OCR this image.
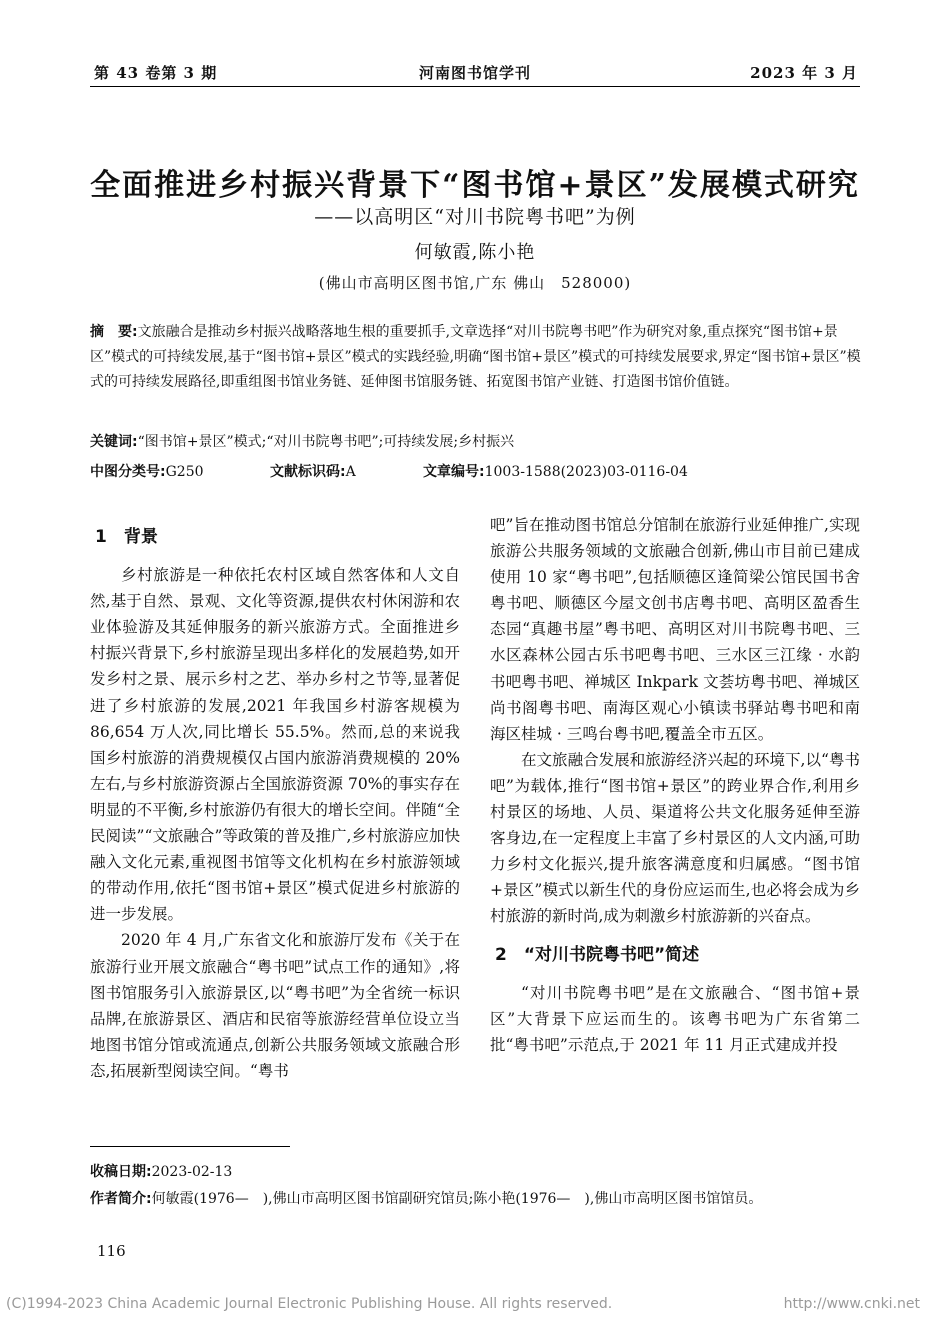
第 43 卷第 3 期	河南图书馆学刊	2023 年 3 月
全面推进乡村振兴背景下“图书馆+景区”发展模式研究
——以高明区“对川书院粤书吧”为例
何敏霞,陈小艳
(佛山市高明区图书馆,广东 佛山　528000)
摘　要:文旅融合是推动乡村振兴战略落地生根的重要抓手,文章选择“对川书院粤书吧”作为研究对象,重点探究“图书馆+景区”模式的可持续发展,基于“图书馆+景区”模式的实践经验,明确“图书馆+景区”模式的可持续发展要求,界定“图书馆+景区”模式的可持续发展路径,即重组图书馆业务链、延伸图书馆服务链、拓宽图书馆产业链、打造图书馆价值链。
关键词:“图书馆+景区”模式;“对川书院粤书吧”;可持续发展;乡村振兴
中图分类号:G250	文献标识码:A	文章编号:1003-1588(2023)03-0116-04
1　背景

乡村旅游是一种依托农村区域自然客体和人文自然,基于自然、景观、文化等资源,提供农村休闲游和农业体验游及其延伸服务的新兴旅游方式。全面推进乡村振兴背景下,乡村旅游呈现出多样化的发展趋势,如开发乡村之景、展示乡村之艺、举办乡村之节等,显著促进了乡村旅游的发展,2021 年我国乡村游客规模为 86,654 万人次,同比增长 55.5%。然而,总的来说我国乡村旅游的消费规模仅占国内旅游消费规模的 20%左右,与乡村旅游资源占全国旅游资源 70%的事实存在明显的不平衡,乡村旅游仍有很大的增长空间。伴随“全民阅读”“文旅融合”等政策的普及推广,乡村旅游应加快融入文化元素,重视图书馆等文化机构在乡村旅游领域的带动作用,依托“图书馆+景区”模式促进乡村旅游的进一步发展。

2020 年 4 月,广东省文化和旅游厅发布《关于在旅游行业开展文旅融合“粤书吧”试点工作的通知》,将图书馆服务引入旅游景区,以“粤书吧”为全省统一标识品牌,在旅游景区、酒店和民宿等旅游经营单位设立当地图书馆分馆或流通点,创新公共服务领域文旅融合形态,拓展新型阅读空间。“粤书

吧”旨在推动图书馆总分馆制在旅游行业延伸推广,实现旅游公共服务领域的文旅融合创新,佛山市目前已建成使用 10 家“粤书吧”,包括顺德区逢简梁公馆民国书舍粤书吧、顺德区今屋文创书店粤书吧、高明区盈香生态园“真趣书屋”粤书吧、高明区对川书院粤书吧、三水区森林公园古乐书吧粤书吧、三水区三江缘 · 水韵书吧粤书吧、禅城区 Inkpark 文荟坊粤书吧、禅城区尚书阁粤书吧、南海区观心小镇读书驿站粤书吧和南海区桂城 · 三鸣台粤书吧,覆盖全市五区。

在文旅融合发展和旅游经济兴起的环境下,以“粤书吧”为载体,推行“图书馆+景区”的跨业界合作,利用乡村景区的场地、人员、渠道将公共文化服务延伸至游客身边,在一定程度上丰富了乡村景区的人文内涵,可助力乡村文化振兴,提升旅客满意度和归属感。“图书馆+景区”模式以新生代的身份应运而生,也必将会成为乡村旅游的新时尚,成为刺激乡村旅游新的兴奋点。

2　“对川书院粤书吧”简述

“对川书院粤书吧”是在文旅融合、“图书馆+景区”大背景下应运而生的。该粤书吧为广东省第二批“粤书吧”示范点,于 2021 年 11 月正式建成并投

收稿日期:2023-02-13
作者简介:何敏霞(1976—　),佛山市高明区图书馆副研究馆员;陈小艳(1976—　),佛山市高明区图书馆馆员。
116
(C)1994-2023 China Academic Journal Electronic Publishing House. All rights reserved.	http://www.cnki.net
